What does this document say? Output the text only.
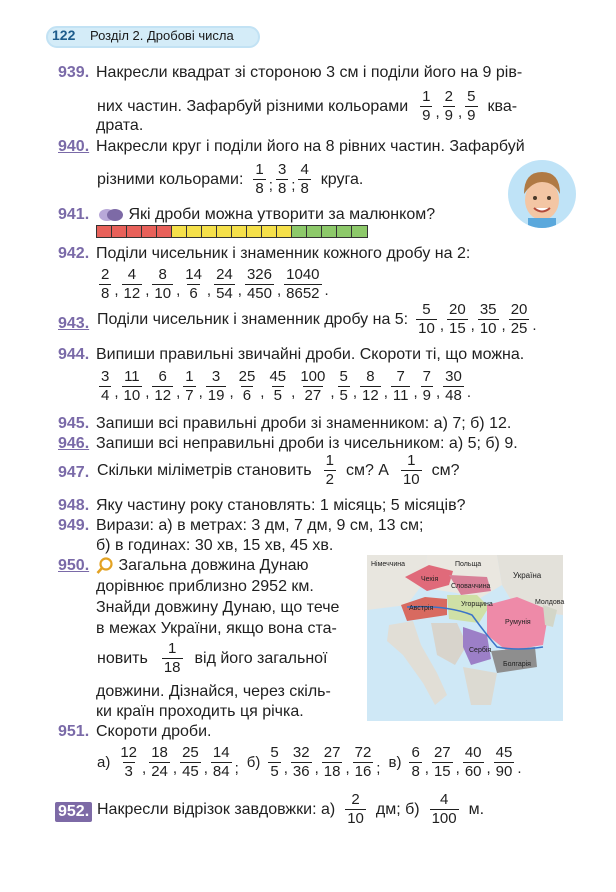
122 Розділ 2. Дробові числа
939. Накресли квадрат зі стороною 3 см і поділи його на 9 рів-
них частин. Зафарбуй різними кольорами $\frac{1}{9}$ , $\frac{2}{9}$ , $\frac{5}{9} ква-$
драта.
940. Накресли круг і поділи його на 8 рівних частин. Зафарбуй
різними кольорами: $\frac{1}{8}$ ; $\frac{3}{8}$ ; $\frac{4}{8}$ круга.
941.	Які дроби можна утворити за малюнком?
942. Поділи чисельник і знаменник кожного дробу на 2:
$\frac{2}{8}$ , $\frac{4}{12}$ , $\frac{8}{10}$ , $\frac{14}{6}$ , $\frac{24}{54}$ , $\frac{326}{450}$ , $\frac{1040}{8652}$ .
943. Поділи чисельник і знаменник дробу на 5: $\frac{5}{10}$ , $\frac{20}{15}$ , $\frac{35}{10}$ , $\frac{20}{25}$ .
944. Випиши правильні звичайні дроби. Скороти ті, що можна.
$\frac{3}{4}$ , $\frac{11}{10}$ , $\frac{6}{12}$ , $\frac{1}{7}$ , $\frac{3}{19}$ , $\frac{25}{6}$ , $\frac{45}{5}$ , $\frac{100}{27}$ , $\frac{5}{5}$ , $\frac{8}{12}$ , $\frac{7}{11}$ , $\frac{7}{9}$ , $\frac{30}{48}$ .
945. Запиши всі правильні дроби зі знаменником: а) 7; б) 12.
946. Запиши всі неправильні дроби із чисельником: а) 5; б) 9.
947. Скільки міліметрів становить $\frac{1}{2}$ см? А $\frac{1}{10}$ см?
948. Яку частину року становлять: 1 місяць; 5 місяців?
949. Вирази: а) в метрах: 3 дм, 7 дм, 9 см, 13 см;
б) в годинах: 30 хв, 15 хв, 45 хв.
950.	Загальна довжина Дунаю
дорівнює приблизно 2952 км.
Знайди довжину Дунаю, що тече
в межах України, якщо вона ста-
новить $\frac{1}{18}$ від його загальної
довжини. Дізнайся, через скіль-
ки країн проходить ця річка.
Німеччина
Чехія
Польща
Словаччина
Україна
Австрія
Угорщина	Молдова
Румунія
Сербія
Болгарія
951. Скороти дроби.
$а) \frac{12}{3}$ , $\frac{18}{24}$ , $\frac{25}{45}$ , $\frac{14}{84}$ ; $б) \frac{5}{5}$ , $\frac{32}{36}$ , $\frac{27}{18}$ , $\frac{72}{16}$ ; $в) \frac{6}{8}$ , $\frac{27}{15}$ , $\frac{40}{60}$ , $\frac{45}{90}$ .
952. Накресли відрізок завдовжки: $а) \frac{2}{10}$ дм; $б) \frac{4}{100} м$.
